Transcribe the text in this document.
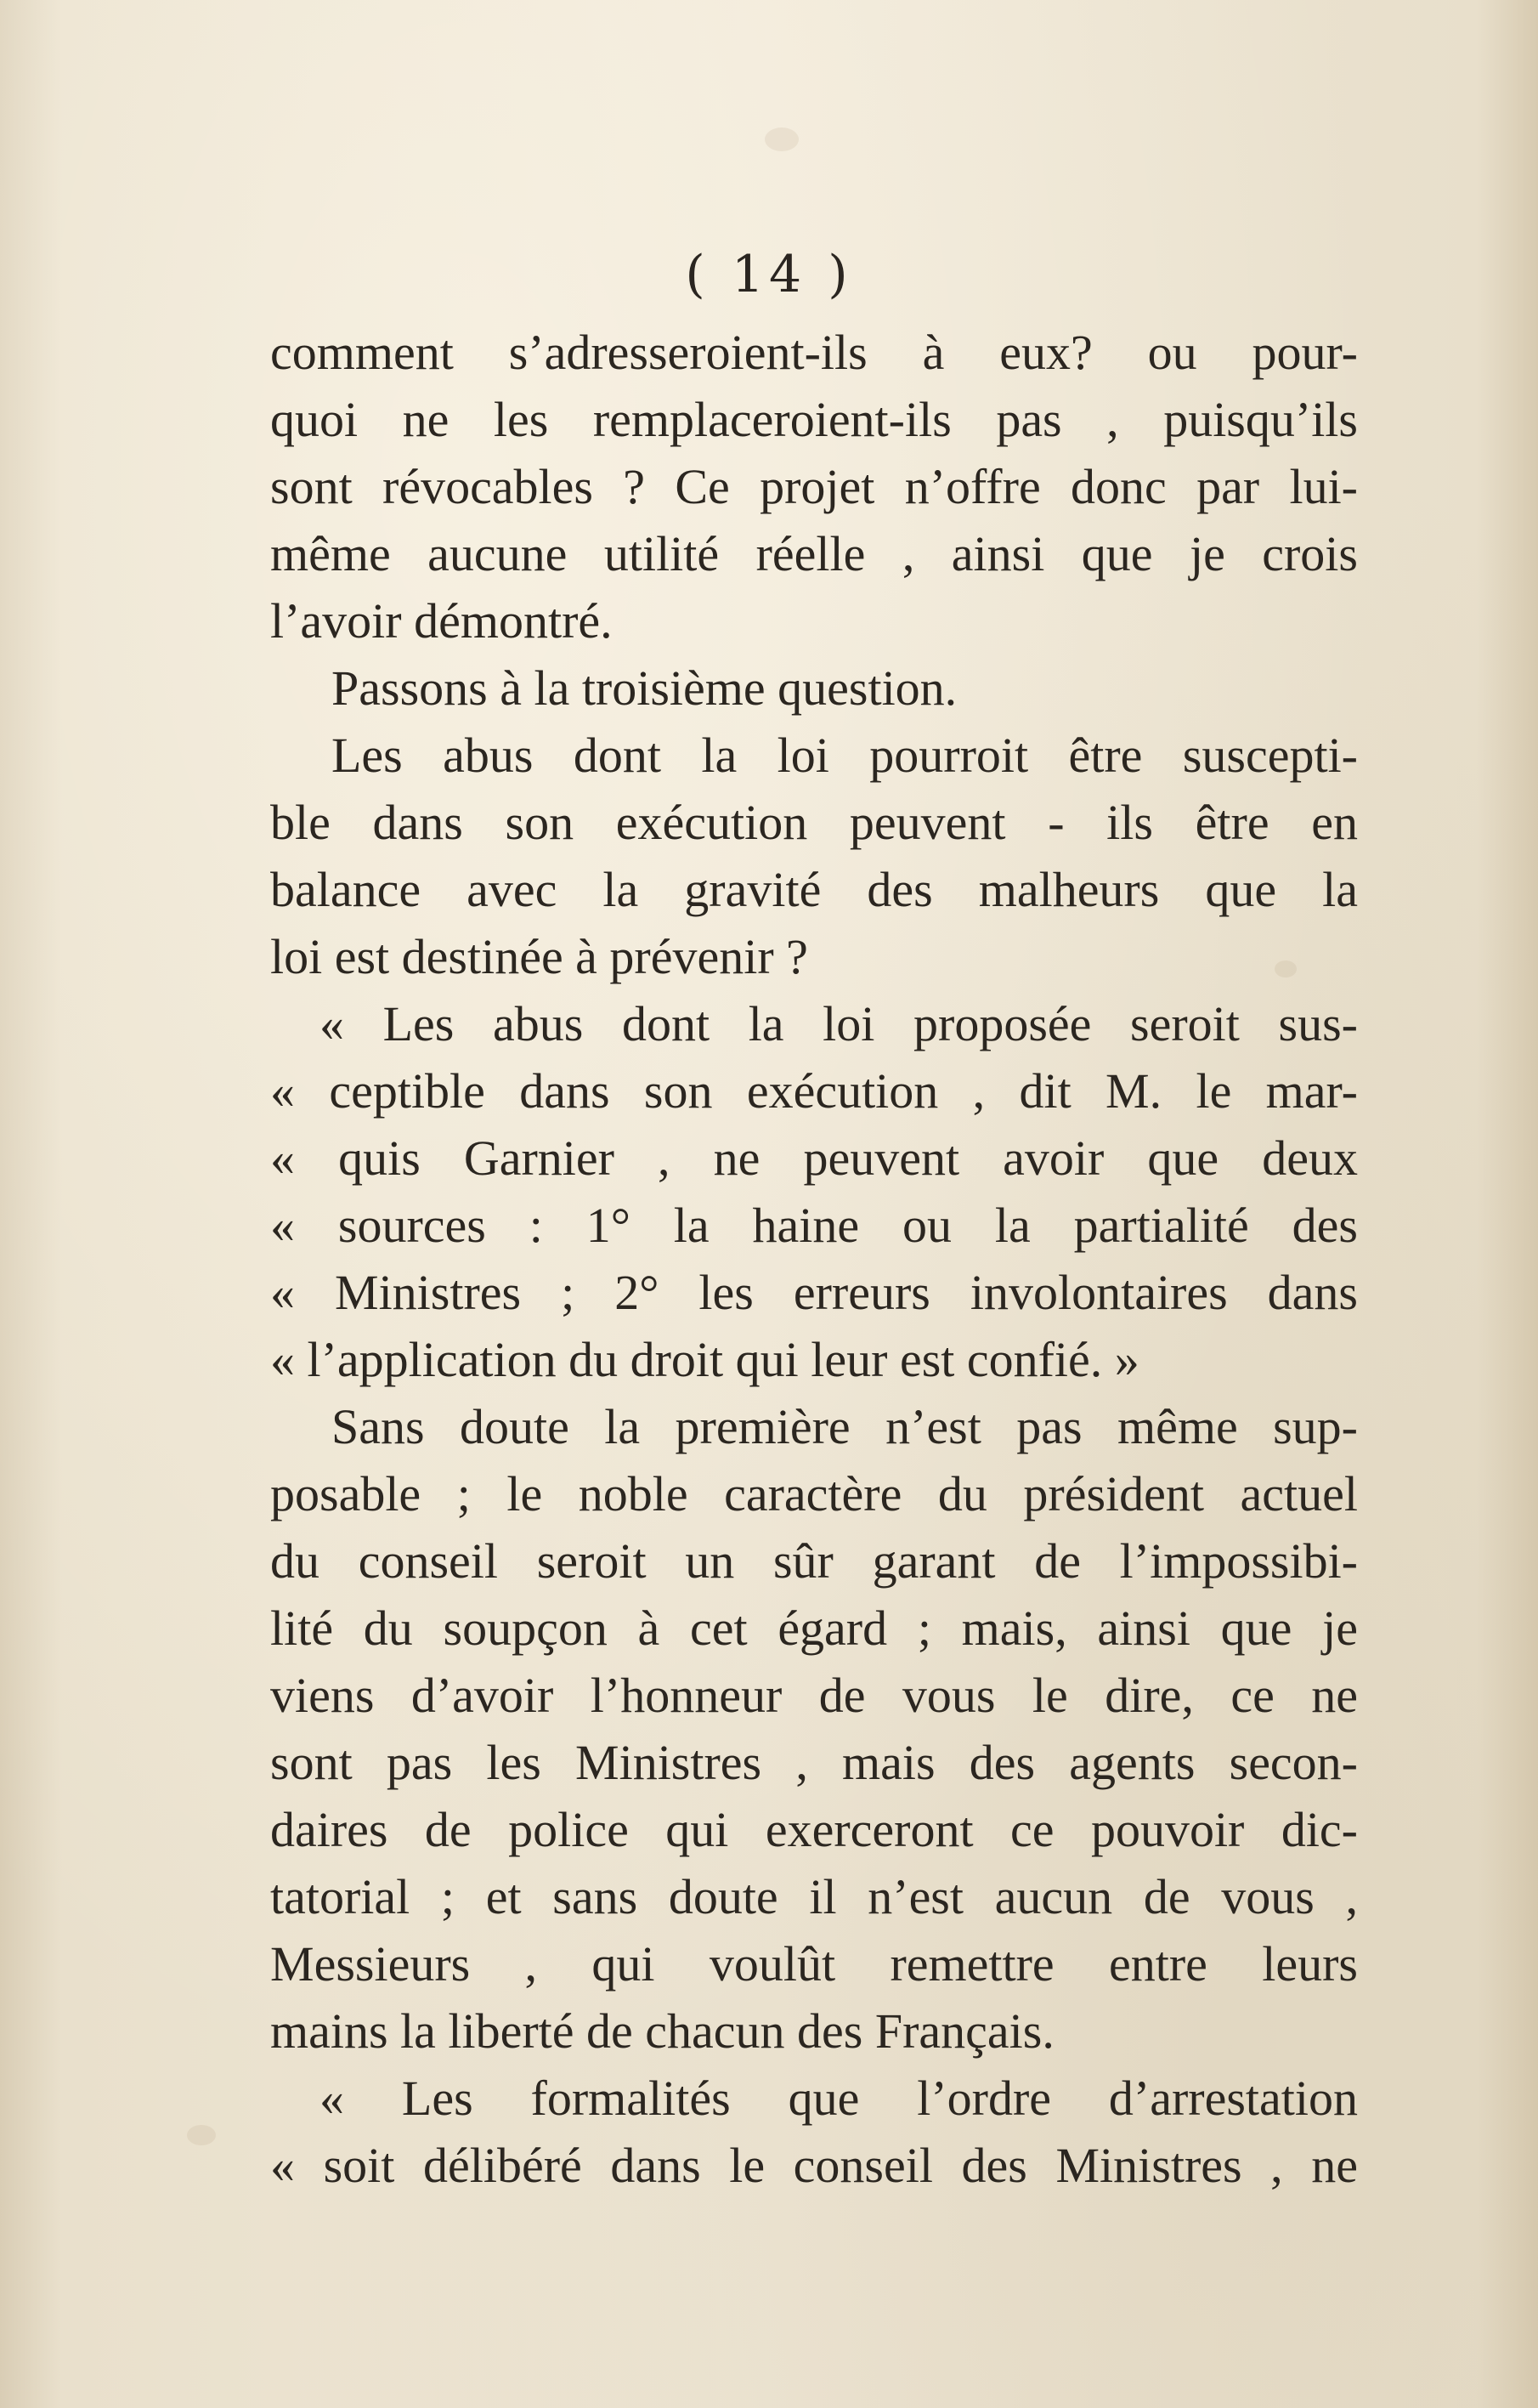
( 14 )
comment s’adresseroient-ils à eux? ou pour-
quoi ne les remplaceroient-ils pas , puisqu’ils
sont révocables ? Ce projet n’offre donc par lui-
même aucune utilité réelle , ainsi que je crois
l’avoir démontré.
Passons à la troisième question.
Les abus dont la loi pourroit être suscepti-
ble dans son exécution peuvent - ils être en
balance avec la gravité des malheurs que la
loi est destinée à prévenir ?
« Les abus dont la loi proposée seroit sus-
« ceptible dans son exécution , dit M. le mar-
« quis Garnier , ne peuvent avoir que deux
« sources : 1° la haine ou la partialité des
« Ministres ; 2° les erreurs involontaires dans
« l’application du droit qui leur est confié. »
Sans doute la première n’est pas même sup-
posable ; le noble caractère du président actuel
du conseil seroit un sûr garant de l’impossibi-
lité du soupçon à cet égard ; mais, ainsi que je
viens d’avoir l’honneur de vous le dire, ce ne
sont pas les Ministres , mais des agents secon-
daires de police qui exerceront ce pouvoir dic-
tatorial ; et sans doute il n’est aucun de vous ,
Messieurs , qui voulût remettre entre leurs
mains la liberté de chacun des Français.
« Les formalités que l’ordre d’arrestation
« soit délibéré dans le conseil des Ministres , ne
